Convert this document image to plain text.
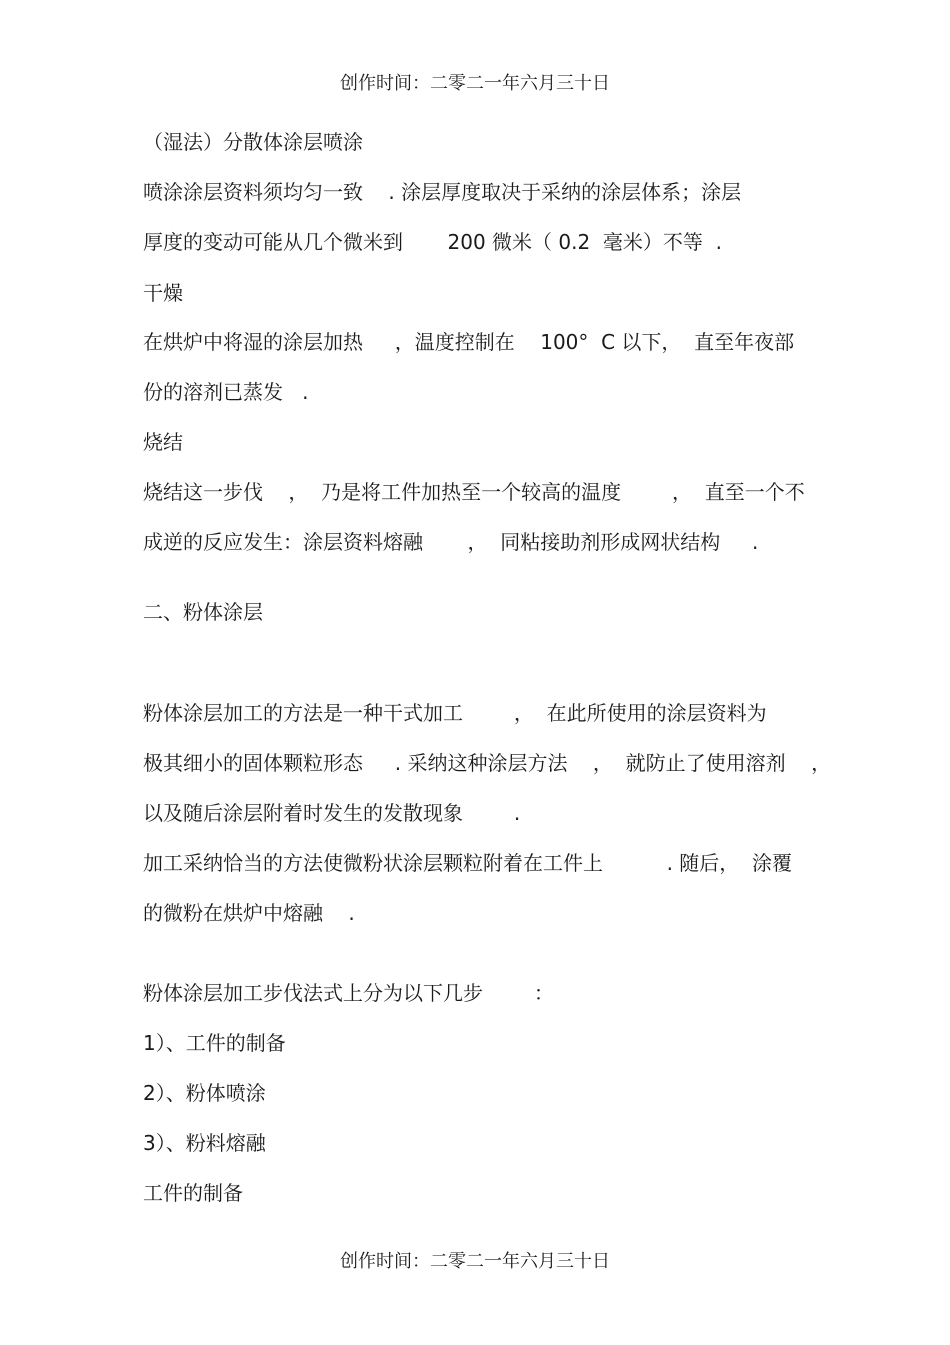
创作时间：二零二一年六月三十日
（湿法）分散体涂层喷涂
喷涂涂层资料须均匀一致    . 涂层厚度取决于采纳的涂层体系；涂层
厚度的变动可能从几个微米到       200 微米（ 0.2  毫米）不等  .
干燥
在烘炉中将湿的涂层加热     ，温度控制在    100°  C 以下，  直至年夜部
份的溶剂已蒸发   .
烧结
烧结这一步伐    ，  乃是将工件加热至一个较高的温度        ，  直至一个不
成逆的反应发生：涂层资料熔融       ，  同粘接助剂形成网状结构     .
二、粉体涂层
粉体涂层加工的方法是一种干式加工        ，  在此所使用的涂层资料为
极其细小的固体颗粒形态     . 采纳这种涂层方法    ，  就防止了使用溶剂    ，
以及随后涂层附着时发生的发散现象        .
加工采纳恰当的方法使微粉状涂层颗粒附着在工件上          . 随后，  涂覆
的微粉在烘炉中熔融    .
粉体涂层加工步伐法式上分为以下几步        ：
1）、工件的制备
2）、粉体喷涂
3）、粉料熔融
工件的制备
创作时间：二零二一年六月三十日
